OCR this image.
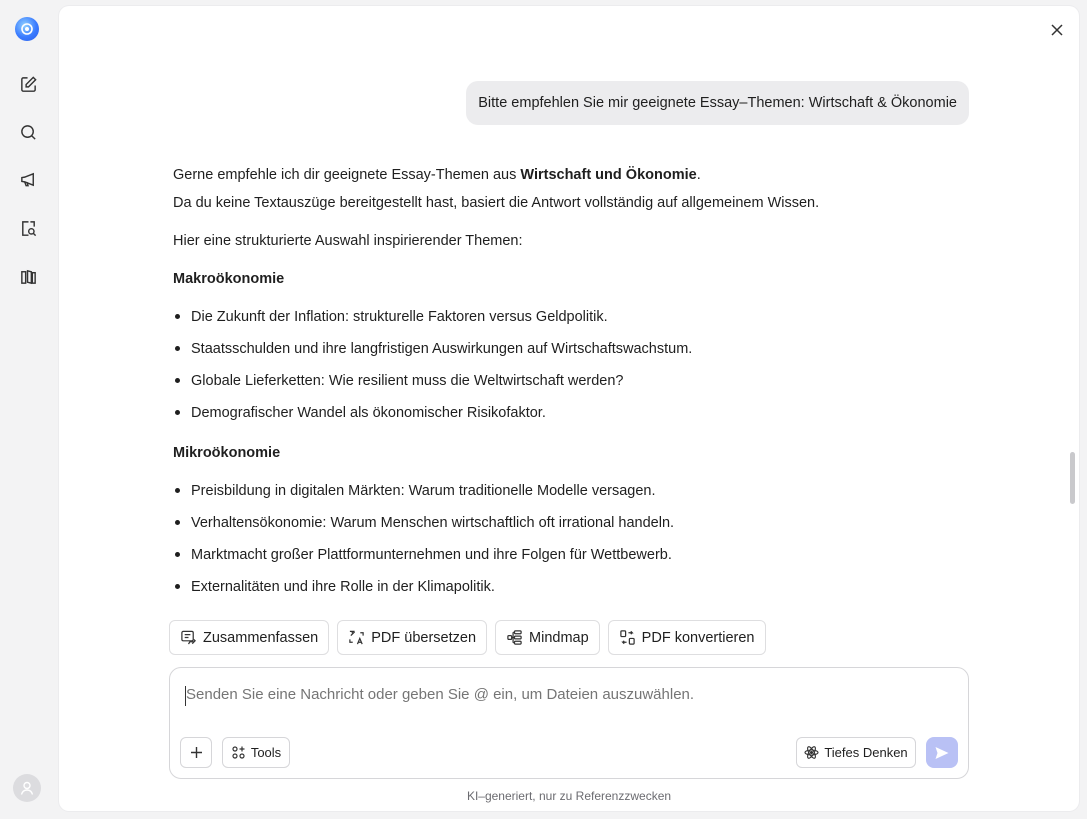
Bitte empfehlen Sie mir geeignete Essay–Themen: Wirtschaft & Ökonomie

Gerne empfehle ich dir geeignete Essay-Themen aus Wirtschaft und Ökonomie.

Da du keine Textauszüge bereitgestellt hast, basiert die Antwort vollständig auf allgemeinem Wissen.

Hier eine strukturierte Auswahl inspirierender Themen:

Makroökonomie
Die Zukunft der Inflation: strukturelle Faktoren versus Geldpolitik.
Staatsschulden und ihre langfristigen Auswirkungen auf Wirtschaftswachstum.
Globale Lieferketten: Wie resilient muss die Weltwirtschaft werden?
Demografischer Wandel als ökonomischer Risikofaktor.
Mikroökonomie
Preisbildung in digitalen Märkten: Warum traditionelle Modelle versagen.
Verhaltensökonomie: Warum Menschen wirtschaftlich oft irrational handeln.
Marktmacht großer Plattformunternehmen und ihre Folgen für Wettbewerb.
Externalitäten und ihre Rolle in der Klimapolitik.
Zusammenfassen	PDF übersetzen	Mindmap	PDF konvertieren
Senden Sie eine Nachricht oder geben Sie @ ein, um Dateien auszuwählen.
Tools	Tiefes Denken
KI–generiert, nur zu Referenzzwecken
